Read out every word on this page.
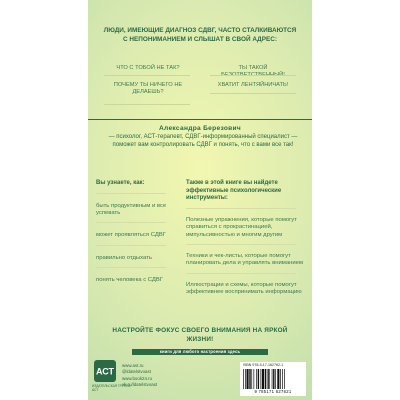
ЛЮДИ, ИМЕЮЩИЕ ДИАГНОЗ СДВГ, ЧАСТО СТАЛКИВАЮТСЯ С НЕПОНИМАНИЕМ И СЛЫШАТ В СВОЙ АДРЕС:
ЧТО С ТОБОЙ НЕ ТАК?	ТЫ ТАКОЙ
ПОЧЕМУ ТЫ НИЧЕГО НЕ ДЕЛАЕШЬ?
ХВАТИТ ЛЕНТЯЙНИЧАТЬ!
Александра Березович
— психолог, АСТ-терапевт, СДВГ-информированный специалист — поможет вам контролировать СДВГ и понять, что с вами все так!
Вы узнаете, как:
быть продуктивным и все успевать
может проявляться СДВГ
правильно отдыхать
понять человека с СДВГ
Также в этой книге вы найдете эффективные психологические инструменты:
Полезные упражнения, которые помогут справиться с прокрастинацией, импульсивностью и многим другим
Техники и чек-листы, которые помогут планировать дела и управлять вниманием
Иллюстрации и схемы, которые помогут эффективнее воспринимать информацию
НАСТРОЙТЕ ФОКУС СВОЕГО ВНИМАНИЯ НА ЯРКОЙ ЖИЗНИ!
книги для любого настроения здесь
АСТ
ИЗДАТЕЛЬСКАЯ ГРУППА АСТ
www.ast.ru
@ldatelstvoast
www.book24.ru
vk.ru/ldatelstvoast
ISBN 978-5-17-162762-1
9 785171 627621
